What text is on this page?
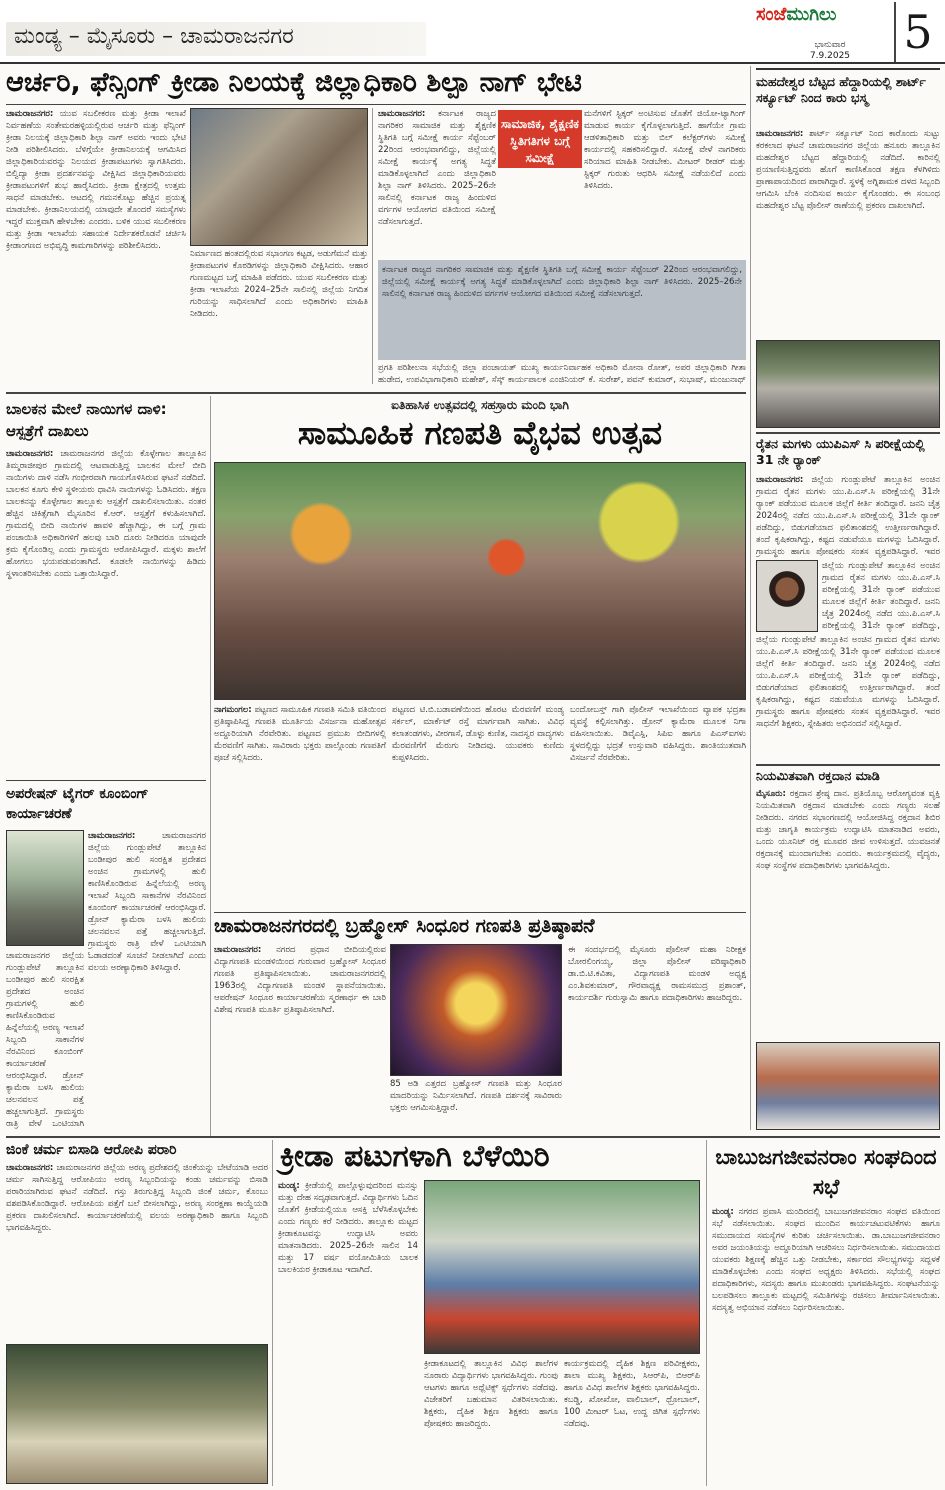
ಮಂಡ್ಯ – ಮೈಸೂರು – ಚಾಮರಾಜನಗರ
ಸಂಜೆಮುಗಿಲು
ಭಾನುವಾರ
7.9.2025	5
ಆರ್ಚರಿ, ಫೆನ್ಸಿಂಗ್ ಕ್ರೀಡಾ ನಿಲಯಕ್ಕೆ ಜಿಲ್ಲಾಧಿಕಾರಿ ಶಿಲ್ಪಾ ನಾಗ್ ಭೇಟಿ
ಚಾಮರಾಜನಗರ: ಯುವ ಸಬಲೀಕರಣ ಮತ್ತು ಕ್ರೀಡಾ ಇಲಾಖೆ ನಿರ್ವಹಣೆಯ ಸಂತೇಮರಹಳ್ಳಿಯಲ್ಲಿರುವ ಆರ್ಚರಿ ಮತ್ತು ಫೆನ್ಸಿಂಗ್ ಕ್ರೀಡಾ ನಿಲಯಕ್ಕೆ ಜಿಲ್ಲಾಧಿಕಾರಿ ಶಿಲ್ಪಾ ನಾಗ್ ಅವರು ಇಂದು ಭೇಟಿ ನೀಡಿ ಪರಿಶೀಲಿಸಿದರು. ಬೆಳಿಗ್ಗೆಯೇ ಕ್ರೀಡಾನಿಲಯಕ್ಕೆ ಆಗಮಿಸಿದ ಜಿಲ್ಲಾಧಿಕಾರಿಯವರನ್ನು ನಿಲಯದ ಕ್ರೀಡಾಪಟುಗಳು ಸ್ವಾಗತಿಸಿದರು. ಬಿಲ್ವಿದ್ಯಾ ಕ್ರೀಡಾ ಪ್ರದರ್ಶನವನ್ನು ವೀಕ್ಷಿಸಿದ ಜಿಲ್ಲಾಧಿಕಾರಿಯವರು ಕ್ರೀಡಾಪಟುಗಳಿಗೆ ಶುಭ ಹಾರೈಸಿದರು. ಕ್ರೀಡಾ ಕ್ಷೇತ್ರದಲ್ಲಿ ಉತ್ತಮ ಸಾಧನೆ ಮಾಡಬೇಕು. ಆಟದಲ್ಲಿ ಗಮನಕೊಟ್ಟು ಹೆಚ್ಚಿನ ಪ್ರಯತ್ನ ಮಾಡಬೇಕು. ಕ್ರೀಡಾನಿಲಯದಲ್ಲಿ ಯಾವುದೇ ತೊಂದರೆ ಸಮಸ್ಯೆಗಳು ಇದ್ದರೆ ಮುಕ್ತವಾಗಿ ಹೇಳಬೇಕು ಎಂದರು. ಬಳಿಕ ಯುವ ಸಬಲೀಕರಣ ಮತ್ತು ಕ್ರೀಡಾ ಇಲಾಖೆಯ ಸಹಾಯಕ ನಿರ್ದೇಶಕರೊಡನೆ ಚರ್ಚಿಸಿ ಕ್ರೀಡಾಂಗಣದ ಅಭಿವೃದ್ಧಿ ಕಾಮಗಾರಿಗಳನ್ನು ಪರಿಶೀಲಿಸಿದರು.
ನಿರ್ಮಾಣದ ಹಂತದಲ್ಲಿರುವ ಸಭಾಂಗಣ ಕಟ್ಟಡ, ಅಡುಗೆಮನೆ ಮತ್ತು ಕ್ರೀಡಾಪಟುಗಳ ಕೊಠಡಿಗಳನ್ನು ಜಿಲ್ಲಾಧಿಕಾರಿ ವೀಕ್ಷಿಸಿದರು. ಆಹಾರ ಗುಣಮಟ್ಟದ ಬಗ್ಗೆ ಮಾಹಿತಿ ಪಡೆದರು. ಯುವ ಸಬಲೀಕರಣ ಮತ್ತು ಕ್ರೀಡಾ ಇಲಾಖೆಯ 2024–25ನೇ ಸಾಲಿನಲ್ಲಿ ಜಿಲ್ಲೆಯ ನಿಗದಿತ ಗುರಿಯನ್ನು ಸಾಧಿಸಲಾಗಿದೆ ಎಂದು ಅಧಿಕಾರಿಗಳು ಮಾಹಿತಿ ನೀಡಿದರು.
ಚಾಮರಾಜನಗರ: ಕರ್ನಾಟಕ ರಾಜ್ಯದ ನಾಗರಿಕರ ಸಾಮಾಜಿಕ ಮತ್ತು ಶೈಕ್ಷಣಿಕ ಸ್ಥಿತಿಗತಿ ಬಗ್ಗೆ ಸಮೀಕ್ಷೆ ಕಾರ್ಯ ಸೆಪ್ಟೆಂಬರ್ 22ರಿಂದ ಆರಂಭವಾಗಲಿದ್ದು, ಜಿಲ್ಲೆಯಲ್ಲಿ ಸಮೀಕ್ಷೆ ಕಾರ್ಯಕ್ಕೆ ಅಗತ್ಯ ಸಿದ್ಧತೆ ಮಾಡಿಕೊಳ್ಳಲಾಗಿದೆ ಎಂದು ಜಿಲ್ಲಾಧಿಕಾರಿ ಶಿಲ್ಪಾ ನಾಗ್ ತಿಳಿಸಿದರು. 2025–26ನೇ ಸಾಲಿನಲ್ಲಿ ಕರ್ನಾಟಕ ರಾಜ್ಯ ಹಿಂದುಳಿದ ವರ್ಗಗಳ ಆಯೋಗದ ವತಿಯಿಂದ ಸಮೀಕ್ಷೆ ನಡೆಸಲಾಗುತ್ತದೆ.
ಸಾಮಾಜಿಕ, ಶೈಕ್ಷಣಿಕ ಸ್ಥಿತಿಗತಿಗಳ ಬಗ್ಗೆ ಸಮೀಕ್ಷೆ
ಮನೆಗಳಿಗೆ ಸ್ಟಿಕ್ಕರ್ ಅಂಟಿಸುವ ಜೊತೆಗೆ ಜಿಯೋ-ಟ್ಯಾಗಿಂಗ್ ಮಾಡುವ ಕಾರ್ಯ ಕೈಗೊಳ್ಳಲಾಗುತ್ತಿದೆ. ಹಾಗೆಯೇ ಗ್ರಾಮ ಆಡಳಿತಾಧಿಕಾರಿ ಮತ್ತು ಬಿಲ್ ಕಲೆಕ್ಟರ್‌ಗಳು ಸಮೀಕ್ಷೆ ಕಾರ್ಯದಲ್ಲಿ ಸಹಕರಿಸಲಿದ್ದಾರೆ. ಸಮೀಕ್ಷೆ ವೇಳೆ ನಾಗರಿಕರು ಸರಿಯಾದ ಮಾಹಿತಿ ನೀಡಬೇಕು. ಮೀಟರ್ ರೀಡರ್ ಮತ್ತು ಸ್ಟಿಕ್ಕರ್ ಗುರುತು ಆಧರಿಸಿ ಸಮೀಕ್ಷೆ ನಡೆಯಲಿದೆ ಎಂದು ತಿಳಿಸಿದರು.
ಕರ್ನಾಟಕ ರಾಜ್ಯದ ನಾಗರಿಕರ ಸಾಮಾಜಿಕ ಮತ್ತು ಶೈಕ್ಷಣಿಕ ಸ್ಥಿತಿಗತಿ ಬಗ್ಗೆ ಸಮೀಕ್ಷೆ ಕಾರ್ಯ ಸೆಪ್ಟೆಂಬರ್ 22ರಿಂದ ಆರಂಭವಾಗಲಿದ್ದು, ಜಿಲ್ಲೆಯಲ್ಲಿ ಸಮೀಕ್ಷೆ ಕಾರ್ಯಕ್ಕೆ ಅಗತ್ಯ ಸಿದ್ಧತೆ ಮಾಡಿಕೊಳ್ಳಲಾಗಿದೆ ಎಂದು ಜಿಲ್ಲಾಧಿಕಾರಿ ಶಿಲ್ಪಾ ನಾಗ್ ತಿಳಿಸಿದರು. 2025–26ನೇ ಸಾಲಿನಲ್ಲಿ ಕರ್ನಾಟಕ ರಾಜ್ಯ ಹಿಂದುಳಿದ ವರ್ಗಗಳ ಆಯೋಗದ ವತಿಯಿಂದ ಸಮೀಕ್ಷೆ ನಡೆಸಲಾಗುತ್ತದೆ.
ಪ್ರಗತಿ ಪರಿಶೀಲನಾ ಸಭೆಯಲ್ಲಿ ಜಿಲ್ಲಾ ಪಂಚಾಯತ್ ಮುಖ್ಯ ಕಾರ್ಯನಿರ್ವಾಹಕ ಅಧಿಕಾರಿ ಮೋನಾ ರೋತ್, ಅಪರ ಜಿಲ್ಲಾಧಿಕಾರಿ ಗೀತಾ ಹುಡೇದ, ಉಪವಿಭಾಗಾಧಿಕಾರಿ ಮಹೇಶ್, ಸೆಸ್ಕ್ ಕಾರ್ಯಪಾಲಕ ಎಂಜಿನಿಯರ್ ಕೆ. ಸುರೇಶ್, ಪವನ್ ಕುಮಾರ್, ಸುಭಾಷ್, ಮಂಜುನಾಥ್
ಮಹದೇಶ್ವರ ಬೆಟ್ಟದ ಹೆದ್ದಾರಿಯಲ್ಲಿ ಶಾರ್ಟ್ ಸರ್ಕ್ಯೂಟ್ ನಿಂದ ಕಾರು ಭಸ್ಮ
ಚಾಮರಾಜನಗರ: ಶಾರ್ಟ್ ಸರ್ಕ್ಯೂಟ್ ನಿಂದ ಕಾರೊಂದು ಸುಟ್ಟು ಕರಕಲಾದ ಘಟನೆ ಚಾಮರಾಜನಗರ ಜಿಲ್ಲೆಯ ಹನೂರು ತಾಲ್ಲೂಕಿನ ಮಹದೇಶ್ವರ ಬೆಟ್ಟದ ಹೆದ್ದಾರಿಯಲ್ಲಿ ನಡೆದಿದೆ. ಕಾರಿನಲ್ಲಿ ಪ್ರಯಾಣಿಸುತ್ತಿದ್ದವರು ಹೊಗೆ ಕಾಣಿಸಿಕೊಂಡ ತಕ್ಷಣ ಕೆಳಗಿಳಿದು ಪ್ರಾಣಾಪಾಯದಿಂದ ಪಾರಾಗಿದ್ದಾರೆ. ಸ್ಥಳಕ್ಕೆ ಅಗ್ನಿಶಾಮಕ ದಳದ ಸಿಬ್ಬಂದಿ ಆಗಮಿಸಿ ಬೆಂಕಿ ನಂದಿಸುವ ಕಾರ್ಯ ಕೈಗೊಂಡರು. ಈ ಸಂಬಂಧ ಮಹದೇಶ್ವರ ಬೆಟ್ಟ ಪೊಲೀಸ್ ಠಾಣೆಯಲ್ಲಿ ಪ್ರಕರಣ ದಾಖಲಾಗಿದೆ.
ಬಾಲಕನ ಮೇಲೆ ನಾಯಿಗಳ ದಾಳಿ: ಆಸ್ಪತ್ರೆಗೆ ದಾಖಲು
ಚಾಮರಾಜನಗರ: ಚಾಮರಾಜನಗರ ಜಿಲ್ಲೆಯ ಕೊಳ್ಳೇಗಾಲ ತಾಲ್ಲೂಕಿನ ತಿಮ್ಮರಾಜೀಪುರ ಗ್ರಾಮದಲ್ಲಿ ಆಟವಾಡುತ್ತಿದ್ದ ಬಾಲಕನ ಮೇಲೆ ಬೀದಿ ನಾಯಿಗಳು ದಾಳಿ ನಡೆಸಿ ಗಂಭೀರವಾಗಿ ಗಾಯಗೊಳಿಸಿರುವ ಘಟನೆ ನಡೆದಿದೆ. ಬಾಲಕನ ಕೂಗು ಕೇಳಿ ಸ್ಥಳೀಯರು ಧಾವಿಸಿ ನಾಯಿಗಳನ್ನು ಓಡಿಸಿದರು. ತಕ್ಷಣ ಬಾಲಕನನ್ನು ಕೊಳ್ಳೇಗಾಲ ತಾಲ್ಲೂಕು ಆಸ್ಪತ್ರೆಗೆ ದಾಖಲಿಸಲಾಯಿತು. ನಂತರ ಹೆಚ್ಚಿನ ಚಿಕಿತ್ಸೆಗಾಗಿ ಮೈಸೂರಿನ ಕೆ.ಆರ್. ಆಸ್ಪತ್ರೆಗೆ ಕಳುಹಿಸಲಾಗಿದೆ. ಗ್ರಾಮದಲ್ಲಿ ಬೀದಿ ನಾಯಿಗಳ ಹಾವಳಿ ಹೆಚ್ಚಾಗಿದ್ದು, ಈ ಬಗ್ಗೆ ಗ್ರಾಮ ಪಂಚಾಯಿತಿ ಅಧಿಕಾರಿಗಳಿಗೆ ಹಲವು ಬಾರಿ ದೂರು ನೀಡಿದರೂ ಯಾವುದೇ ಕ್ರಮ ಕೈಗೊಂಡಿಲ್ಲ ಎಂದು ಗ್ರಾಮಸ್ಥರು ಆರೋಪಿಸಿದ್ದಾರೆ. ಮಕ್ಕಳು ಶಾಲೆಗೆ ಹೋಗಲು ಭಯಪಡುವಂತಾಗಿದೆ. ಕೂಡಲೇ ನಾಯಿಗಳನ್ನು ಹಿಡಿದು ಸ್ಥಳಾಂತರಿಸಬೇಕು ಎಂದು ಒತ್ತಾಯಿಸಿದ್ದಾರೆ.
ಅಪರೇಷನ್ ಟೈಗರ್ ಕೂಂಬಿಂಗ್ ಕಾರ್ಯಾಚರಣೆ
ಚಾಮರಾಜನಗರ:	ಚಾಮರಾಜನಗರ ಜಿಲ್ಲೆಯ ಗುಂಡ್ಲುಪೇಟೆ ತಾಲ್ಲೂಕಿನ ಬಂಡೀಪುರ ಹುಲಿ ಸಂರಕ್ಷಿತ ಪ್ರದೇಶದ ಅಂಚಿನ ಗ್ರಾಮಗಳಲ್ಲಿ ಹುಲಿ ಕಾಣಿಸಿಕೊಂಡಿರುವ ಹಿನ್ನೆಲೆಯಲ್ಲಿ ಅರಣ್ಯ ಇಲಾಖೆ ಸಿಬ್ಬಂದಿ ಸಾಕಾನೆಗಳ ನೆರವಿನಿಂದ ಕೂಂಬಿಂಗ್ ಕಾರ್ಯಾಚರಣೆ ಆರಂಭಿಸಿದ್ದಾರೆ. ಡ್ರೋನ್ ಕ್ಯಾಮೆರಾ ಬಳಸಿ ಹುಲಿಯ ಚಲನವಲನ ಪತ್ತೆ ಹಚ್ಚಲಾಗುತ್ತಿದೆ. ಗ್ರಾಮಸ್ಥರು ರಾತ್ರಿ ವೇಳೆ ಒಂಟಿಯಾಗಿ ಓಡಾಡದಂತೆ ಸೂಚನೆ ನೀಡಲಾಗಿದೆ ಎಂದು ವಲಯ ಅರಣ್ಯಾಧಿಕಾರಿ ತಿಳಿಸಿದ್ದಾರೆ.
ಚಾಮರಾಜನಗರ ಜಿಲ್ಲೆಯ ಗುಂಡ್ಲುಪೇಟೆ ತಾಲ್ಲೂಕಿನ ಬಂಡೀಪುರ ಹುಲಿ ಸಂರಕ್ಷಿತ ಪ್ರದೇಶದ ಅಂಚಿನ ಗ್ರಾಮಗಳಲ್ಲಿ ಹುಲಿ ಕಾಣಿಸಿಕೊಂಡಿರುವ ಹಿನ್ನೆಲೆಯಲ್ಲಿ ಅರಣ್ಯ ಇಲಾಖೆ ಸಿಬ್ಬಂದಿ ಸಾಕಾನೆಗಳ ನೆರವಿನಿಂದ ಕೂಂಬಿಂಗ್ ಕಾರ್ಯಾಚರಣೆ ಆರಂಭಿಸಿದ್ದಾರೆ. ಡ್ರೋನ್ ಕ್ಯಾಮೆರಾ ಬಳಸಿ ಹುಲಿಯ ಚಲನವಲನ ಪತ್ತೆ ಹಚ್ಚಲಾಗುತ್ತಿದೆ. ಗ್ರಾಮಸ್ಥರು ರಾತ್ರಿ ವೇಳೆ ಒಂಟಿಯಾಗಿ
ಐತಿಹಾಸಿಕ ಉತ್ಸವದಲ್ಲಿ ಸಹಸ್ರಾರು ಮಂದಿ ಭಾಗಿ
ಸಾಮೂಹಿಕ ಗಣಪತಿ ವೈಭವ ಉತ್ಸವ
ನಾಗಮಂಗಲ: ಪಟ್ಟಣದ ಸಾಮೂಹಿಕ ಗಣಪತಿ ಸಮಿತಿ ವತಿಯಿಂದ ಪ್ರತಿಷ್ಠಾಪಿಸಿದ್ದ ಗಣಪತಿ ಮೂರ್ತಿಯ ವಿಸರ್ಜನಾ ಮಹೋತ್ಸವ ಅದ್ದೂರಿಯಾಗಿ ನೆರವೇರಿತು. ಪಟ್ಟಣದ ಪ್ರಮುಖ ಬೀದಿಗಳಲ್ಲಿ ಮೆರವಣಿಗೆ ಸಾಗಿತು. ಸಾವಿರಾರು ಭಕ್ತರು ಪಾಲ್ಗೊಂಡು ಗಣಪತಿಗೆ ಪೂಜೆ ಸಲ್ಲಿಸಿದರು.
ಪಟ್ಟಣದ ಟಿ.ಬಿ.ಬಡಾವಣೆಯಿಂದ ಹೊರಟ ಮೆರವಣಿಗೆ ಮಂಡ್ಯ ಸರ್ಕಲ್, ಮಾರ್ಕೆಟ್ ರಸ್ತೆ ಮಾರ್ಗವಾಗಿ ಸಾಗಿತು. ವಿವಿಧ ಕಲಾತಂಡಗಳು, ವೀರಗಾಸೆ, ಡೊಳ್ಳು ಕುಣಿತ, ನಾದಸ್ವರ ವಾದ್ಯಗಳು ಮೆರವಣಿಗೆಗೆ ಮೆರುಗು ನೀಡಿದವು. ಯುವಕರು ಕುಣಿದು ಕುಪ್ಪಳಿಸಿದರು.
ಬಂದೋಬಸ್ತ್ ಗಾಗಿ ಪೊಲೀಸ್ ಇಲಾಖೆಯಿಂದ ವ್ಯಾಪಕ ಭದ್ರತಾ ವ್ಯವಸ್ಥೆ ಕಲ್ಪಿಸಲಾಗಿತ್ತು. ಡ್ರೋನ್ ಕ್ಯಾಮೆರಾ ಮೂಲಕ ನಿಗಾ ವಹಿಸಲಾಯಿತು. ಡಿವೈಎಸ್ಪಿ, ಸಿಪಿಐ ಹಾಗೂ ಪಿಎಸ್‌ಐಗಳು ಸ್ಥಳದಲ್ಲಿದ್ದು ಭದ್ರತೆ ಉಸ್ತುವಾರಿ ವಹಿಸಿದ್ದರು. ಶಾಂತಿಯುತವಾಗಿ ವಿಸರ್ಜನೆ ನೆರವೇರಿತು.
ಚಾಮರಾಜನಗರದಲ್ಲಿ ಬ್ರಹ್ಮೋಸ್ ಸಿಂಧೂರ ಗಣಪತಿ ಪ್ರತಿಷ್ಠಾಪನೆ
ಚಾಮರಾಜನಗರ: ನಗರದ ಪ್ರಧಾನ ಬೀದಿಯಲ್ಲಿರುವ ವಿದ್ಯಾಗಣಪತಿ ಮಂಡಳಿಯಿಂದ ಗುರುವಾರ ಬ್ರಹ್ಮೋಸ್ ಸಿಂಧೂರ ಗಣಪತಿ ಪ್ರತಿಷ್ಠಾಪಿಸಲಾಯಿತು. ಚಾಮರಾಜನಗರದಲ್ಲಿ 1963ರಲ್ಲಿ ವಿದ್ಯಾಗಣಪತಿ ಮಂಡಳಿ ಸ್ಥಾಪನೆಯಾಯಿತು. ಆಪರೇಷನ್ ಸಿಂಧೂರ ಕಾರ್ಯಾಚರಣೆಯ ಸ್ಮರಣಾರ್ಥ ಈ ಬಾರಿ ವಿಶೇಷ ಗಣಪತಿ ಮೂರ್ತಿ ಪ್ರತಿಷ್ಠಾಪಿಸಲಾಗಿದೆ.
85 ಅಡಿ ಎತ್ತರದ ಬ್ರಹ್ಮೋಸ್ ಗಣಪತಿ ಮತ್ತು ಸಿಂಧೂರ ಮಾದರಿಯನ್ನು ನಿರ್ಮಿಸಲಾಗಿದೆ. ಗಣಪತಿ ದರ್ಶನಕ್ಕೆ ಸಾವಿರಾರು ಭಕ್ತರು ಆಗಮಿಸುತ್ತಿದ್ದಾರೆ.
ಈ ಸಂದರ್ಭದಲ್ಲಿ ಮೈಸೂರು ಪೊಲೀಸ್ ಮಹಾ ನಿರೀಕ್ಷಕ ಬೋರಲಿಂಗಯ್ಯ, ಜಿಲ್ಲಾ ಪೊಲೀಸ್ ವರಿಷ್ಠಾಧಿಕಾರಿ ಡಾ.ಬಿ.ಟಿ.ಕವಿತಾ, ವಿದ್ಯಾಗಣಪತಿ ಮಂಡಳಿ ಅಧ್ಯಕ್ಷ ಎಂ.ಶಿವಕುಮಾರ್, ಗೌರವಾಧ್ಯಕ್ಷ ರಾಮಸಮುದ್ರ ಪ್ರಶಾಂತ್, ಕಾರ್ಯದರ್ಶಿ ಗುರುಸ್ವಾಮಿ ಹಾಗೂ ಪದಾಧಿಕಾರಿಗಳು ಹಾಜರಿದ್ದರು.
ರೈತನ ಮಗಳು ಯುಪಿಎಸ್ ಸಿ ಪರೀಕ್ಷೆಯಲ್ಲಿ 31 ನೇ ರ್‍ಯಾಂಕ್
ಚಾಮರಾಜನಗರ: ಜಿಲ್ಲೆಯ ಗುಂಡ್ಲುಪೇಟೆ ತಾಲ್ಲೂಕಿನ ಅಂಚಿನ ಗ್ರಾಮದ ರೈತನ ಮಗಳು ಯು.ಪಿ.ಎಸ್.ಸಿ ಪರೀಕ್ಷೆಯಲ್ಲಿ 31ನೇ ರ್‍ಯಾಂಕ್ ಪಡೆಯುವ ಮೂಲಕ ಜಿಲ್ಲೆಗೆ ಕೀರ್ತಿ ತಂದಿದ್ದಾರೆ. ಜನನಿ ಚೈತ್ರ 2024ರಲ್ಲಿ ನಡೆದ ಯು.ಪಿ.ಎಸ್.ಸಿ ಪರೀಕ್ಷೆಯಲ್ಲಿ 31ನೇ ರ್‍ಯಾಂಕ್ ಪಡೆದಿದ್ದು, ಬಿಡುಗಡೆಯಾದ ಫಲಿತಾಂಶದಲ್ಲಿ ಉತ್ತೀರ್ಣರಾಗಿದ್ದಾರೆ. ತಂದೆ ಕೃಷಿಕರಾಗಿದ್ದು, ಕಷ್ಟದ ನಡುವೆಯೂ ಮಗಳನ್ನು ಓದಿಸಿದ್ದಾರೆ. ಗ್ರಾಮಸ್ಥರು ಹಾಗೂ ಪೋಷಕರು ಸಂತಸ ವ್ಯಕ್ತಪಡಿಸಿದ್ದಾರೆ. ಇವರ
ಜಿಲ್ಲೆಯ ಗುಂಡ್ಲುಪೇಟೆ ತಾಲ್ಲೂಕಿನ ಅಂಚಿನ ಗ್ರಾಮದ ರೈತನ ಮಗಳು ಯು.ಪಿ.ಎಸ್.ಸಿ ಪರೀಕ್ಷೆಯಲ್ಲಿ 31ನೇ ರ್‍ಯಾಂಕ್ ಪಡೆಯುವ ಮೂಲಕ ಜಿಲ್ಲೆಗೆ ಕೀರ್ತಿ ತಂದಿದ್ದಾರೆ. ಜನನಿ ಚೈತ್ರ 2024ರಲ್ಲಿ ನಡೆದ ಯು.ಪಿ.ಎಸ್.ಸಿ ಪರೀಕ್ಷೆಯಲ್ಲಿ 31ನೇ ರ್‍ಯಾಂಕ್ ಪಡೆದಿದ್ದು,
ಜಿಲ್ಲೆಯ ಗುಂಡ್ಲುಪೇಟೆ ತಾಲ್ಲೂಕಿನ ಅಂಚಿನ ಗ್ರಾಮದ ರೈತನ ಮಗಳು ಯು.ಪಿ.ಎಸ್.ಸಿ ಪರೀಕ್ಷೆಯಲ್ಲಿ 31ನೇ ರ್‍ಯಾಂಕ್ ಪಡೆಯುವ ಮೂಲಕ ಜಿಲ್ಲೆಗೆ ಕೀರ್ತಿ ತಂದಿದ್ದಾರೆ. ಜನನಿ ಚೈತ್ರ 2024ರಲ್ಲಿ ನಡೆದ ಯು.ಪಿ.ಎಸ್.ಸಿ ಪರೀಕ್ಷೆಯಲ್ಲಿ 31ನೇ ರ್‍ಯಾಂಕ್ ಪಡೆದಿದ್ದು, ಬಿಡುಗಡೆಯಾದ ಫಲಿತಾಂಶದಲ್ಲಿ ಉತ್ತೀರ್ಣರಾಗಿದ್ದಾರೆ. ತಂದೆ ಕೃಷಿಕರಾಗಿದ್ದು, ಕಷ್ಟದ ನಡುವೆಯೂ ಮಗಳನ್ನು ಓದಿಸಿದ್ದಾರೆ. ಗ್ರಾಮಸ್ಥರು ಹಾಗೂ ಪೋಷಕರು ಸಂತಸ ವ್ಯಕ್ತಪಡಿಸಿದ್ದಾರೆ. ಇವರ ಸಾಧನೆಗೆ ಶಿಕ್ಷಕರು, ಸ್ನೇಹಿತರು ಅಭಿನಂದನೆ ಸಲ್ಲಿಸಿದ್ದಾರೆ.
ನಿಯಮಿತವಾಗಿ ರಕ್ತದಾನ ಮಾಡಿ
ಮೈಸೂರು: ರಕ್ತದಾನ ಶ್ರೇಷ್ಠ ದಾನ. ಪ್ರತಿಯೊಬ್ಬ ಆರೋಗ್ಯವಂತ ವ್ಯಕ್ತಿ ನಿಯಮಿತವಾಗಿ ರಕ್ತದಾನ ಮಾಡಬೇಕು ಎಂದು ಗಣ್ಯರು ಸಲಹೆ ನೀಡಿದರು. ನಗರದ ಸಭಾಂಗಣದಲ್ಲಿ ಆಯೋಜಿಸಿದ್ದ ರಕ್ತದಾನ ಶಿಬಿರ ಮತ್ತು ಜಾಗೃತಿ ಕಾರ್ಯಕ್ರಮ ಉದ್ಘಾಟಿಸಿ ಮಾತನಾಡಿದ ಅವರು, ಒಂದು ಯೂನಿಟ್ ರಕ್ತ ಮೂವರ ಜೀವ ಉಳಿಸುತ್ತದೆ. ಯುವಜನತೆ ರಕ್ತದಾನಕ್ಕೆ ಮುಂದಾಗಬೇಕು ಎಂದರು. ಕಾರ್ಯಕ್ರಮದಲ್ಲಿ ವೈದ್ಯರು, ಸಂಘ ಸಂಸ್ಥೆಗಳ ಪದಾಧಿಕಾರಿಗಳು ಭಾಗವಹಿಸಿದ್ದರು.
ಜಿಂಕೆ ಚರ್ಮ ಬಿಸಾಡಿ ಆರೋಪಿ ಪರಾರಿ
ಚಾಮರಾಜನಗರ: ಚಾಮರಾಜನಗರ ಜಿಲ್ಲೆಯ ಅರಣ್ಯ ಪ್ರದೇಶದಲ್ಲಿ ಜಿಂಕೆಯನ್ನು ಬೇಟೆಯಾಡಿ ಅದರ ಚರ್ಮ ಸಾಗಿಸುತ್ತಿದ್ದ ಆರೋಪಿಯು ಅರಣ್ಯ ಸಿಬ್ಬಂದಿಯನ್ನು ಕಂಡು ಚರ್ಮವನ್ನು ಬಿಸಾಡಿ ಪರಾರಿಯಾಗಿರುವ ಘಟನೆ ನಡೆದಿದೆ. ಗಸ್ತು ತಿರುಗುತ್ತಿದ್ದ ಸಿಬ್ಬಂದಿ ಜಿಂಕೆ ಚರ್ಮ, ಕೊಂಬು ವಶಪಡಿಸಿಕೊಂಡಿದ್ದಾರೆ. ಆರೋಪಿಯ ಪತ್ತೆಗೆ ಬಲೆ ಬೀಸಲಾಗಿದ್ದು, ಅರಣ್ಯ ಸಂರಕ್ಷಣಾ ಕಾಯ್ದೆಯಡಿ ಪ್ರಕರಣ ದಾಖಲಿಸಲಾಗಿದೆ. ಕಾರ್ಯಾಚರಣೆಯಲ್ಲಿ ವಲಯ ಅರಣ್ಯಾಧಿಕಾರಿ ಹಾಗೂ ಸಿಬ್ಬಂದಿ ಭಾಗವಹಿಸಿದ್ದರು.
ಕ್ರೀಡಾ ಪಟುಗಳಾಗಿ ಬೆಳೆಯಿರಿ
ಮಂಡ್ಯ: ಕ್ರೀಡೆಯಲ್ಲಿ ಪಾಲ್ಗೊಳ್ಳುವುದರಿಂದ ಮನಸ್ಸು ಮತ್ತು ದೇಹ ಸದೃಢವಾಗುತ್ತದೆ. ವಿದ್ಯಾರ್ಥಿಗಳು ಓದಿನ ಜೊತೆಗೆ ಕ್ರೀಡೆಯಲ್ಲಿಯೂ ಆಸಕ್ತಿ ಬೆಳೆಸಿಕೊಳ್ಳಬೇಕು ಎಂದು ಗಣ್ಯರು ಕರೆ ನೀಡಿದರು. ತಾಲ್ಲೂಕು ಮಟ್ಟದ ಕ್ರೀಡಾಕೂಟವನ್ನು ಉದ್ಘಾಟಿಸಿ ಅವರು ಮಾತನಾಡಿದರು. 2025–26ನೇ ಸಾಲಿನ 14 ಮತ್ತು 17 ವರ್ಷ ವಯೋಮಿತಿಯ ಬಾಲಕ ಬಾಲಕಿಯರ ಕ್ರೀಡಾಕೂಟ ಇದಾಗಿದೆ.
ಕ್ರೀಡಾಕೂಟದಲ್ಲಿ ತಾಲ್ಲೂಕಿನ ವಿವಿಧ ಶಾಲೆಗಳ ನೂರಾರು ವಿದ್ಯಾರ್ಥಿಗಳು ಭಾಗವಹಿಸಿದ್ದರು. ಗುಂಪು ಆಟಗಳು ಹಾಗೂ ಅಥ್ಲೆಟಿಕ್ಸ್ ಸ್ಪರ್ಧೆಗಳು ನಡೆದವು. ವಿಜೇತರಿಗೆ ಬಹುಮಾನ ವಿತರಿಸಲಾಯಿತು. ಶಿಕ್ಷಕರು, ದೈಹಿಕ ಶಿಕ್ಷಣ ಶಿಕ್ಷಕರು ಹಾಗೂ ಪೋಷಕರು ಹಾಜರಿದ್ದರು.
ಕಾರ್ಯಕ್ರಮದಲ್ಲಿ ದೈಹಿಕ ಶಿಕ್ಷಣ ಪರಿವೀಕ್ಷಕರು, ಶಾಲಾ ಮುಖ್ಯ ಶಿಕ್ಷಕರು, ಸಿಆರ್‌ಪಿ, ಬಿಆರ್‌ಪಿ ಹಾಗೂ ವಿವಿಧ ಶಾಲೆಗಳ ಶಿಕ್ಷಕರು ಭಾಗವಹಿಸಿದ್ದರು. ಕಬಡ್ಡಿ, ಖೋಖೋ, ವಾಲಿಬಾಲ್, ಥ್ರೋಬಾಲ್, 100 ಮೀಟರ್ ಓಟ, ಉದ್ದ ಜಿಗಿತ ಸ್ಪರ್ಧೆಗಳು ನಡೆದವು.
ಬಾಬುಜಗಜೀವನರಾಂ ಸಂಘದಿಂದ ಸಭೆ
ಮಂಡ್ಯ: ನಗರದ ಪ್ರವಾಸಿ ಮಂದಿರದಲ್ಲಿ ಬಾಬುಜಗಜೀವನರಾಂ ಸಂಘದ ವತಿಯಿಂದ ಸಭೆ ನಡೆಸಲಾಯಿತು. ಸಂಘದ ಮುಂದಿನ ಕಾರ್ಯಚಟುವಟಿಕೆಗಳು ಹಾಗೂ ಸಮುದಾಯದ ಸಮಸ್ಯೆಗಳ ಕುರಿತು ಚರ್ಚಿಸಲಾಯಿತು. ಡಾ.ಬಾಬುಜಗಜೀವನರಾಂ ಅವರ ಜಯಂತಿಯನ್ನು ಅದ್ದೂರಿಯಾಗಿ ಆಚರಿಸಲು ನಿರ್ಧರಿಸಲಾಯಿತು. ಸಮುದಾಯದ ಯುವಕರು ಶಿಕ್ಷಣಕ್ಕೆ ಹೆಚ್ಚಿನ ಒತ್ತು ನೀಡಬೇಕು, ಸರ್ಕಾರದ ಸೌಲಭ್ಯಗಳನ್ನು ಸದ್ಬಳಕೆ ಮಾಡಿಕೊಳ್ಳಬೇಕು ಎಂದು ಸಂಘದ ಅಧ್ಯಕ್ಷರು ತಿಳಿಸಿದರು. ಸಭೆಯಲ್ಲಿ ಸಂಘದ ಪದಾಧಿಕಾರಿಗಳು, ಸದಸ್ಯರು ಹಾಗೂ ಮುಖಂಡರು ಭಾಗವಹಿಸಿದ್ದರು. ಸಂಘಟನೆಯನ್ನು ಬಲಪಡಿಸಲು ತಾಲ್ಲೂಕು ಮಟ್ಟದಲ್ಲಿ ಸಮಿತಿಗಳನ್ನು ರಚಿಸಲು ತೀರ್ಮಾನಿಸಲಾಯಿತು. ಸದಸ್ಯತ್ವ ಅಭಿಯಾನ ನಡೆಸಲು ನಿರ್ಧರಿಸಲಾಯಿತು.
